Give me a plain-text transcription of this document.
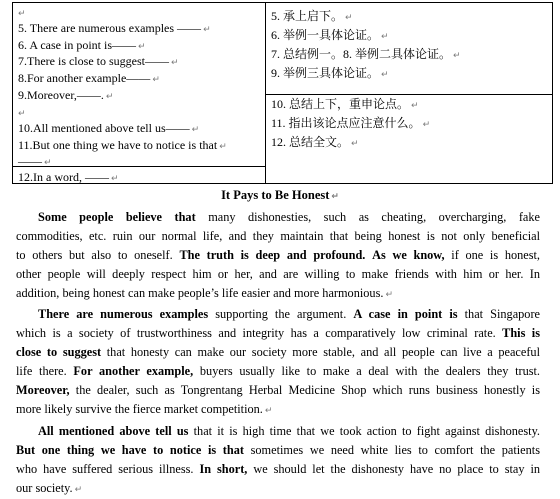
↵
5. There are numerous examples —— ↵
6. A case in point is—— ↵
7.There is close to suggest—— ↵
8.For another example—— ↵
9.Moreover,——. ↵
↵
10.All mentioned above tell us—— ↵
11.But one thing we have to notice is that ↵
—— ↵
12.In a word, —— ↵
5. 承上启下。 ↵
6. 举例一具体论证。 ↵
7. 总结例一。8. 举例二具体论证。 ↵
9. 举例三具体论证。 ↵
10. 总结上下，重申论点。 ↵
11. 指出该论点应注意什么。 ↵
12. 总结全文。 ↵
It Pays to Be Honest ↵
Some people believe that many dishonesties, such as cheating, overcharging, fake
commodities, etc. ruin our normal life, and they maintain that being honest is not only beneficial
to others but also to oneself. The truth is deep and profound. As we know, if one is honest,
other people will deeply respect him or her, and are willing to make friends with him or her. In
addition, being honest can make people’s life easier and more harmonious. ↵
There are numerous examples supporting the argument. A case in point is that Singapore
which is a society of trustworthiness and integrity has a comparatively low criminal rate. This is
close to suggest that honesty can make our society more stable, and all people can live a peaceful
life there. For another example, buyers usually like to make a deal with the dealers they trust.
Moreover, the dealer, such as Tongrentang Herbal Medicine Shop which runs business honestly is
more likely survive the fierce market competition. ↵
All mentioned above tell us that it is high time that we took action to fight against dishonesty.
But one thing we have to notice is that sometimes we need white lies to comfort the patients
who have suffered serious illness. In short, we should let the dishonesty have no place to stay in
our society. ↵
